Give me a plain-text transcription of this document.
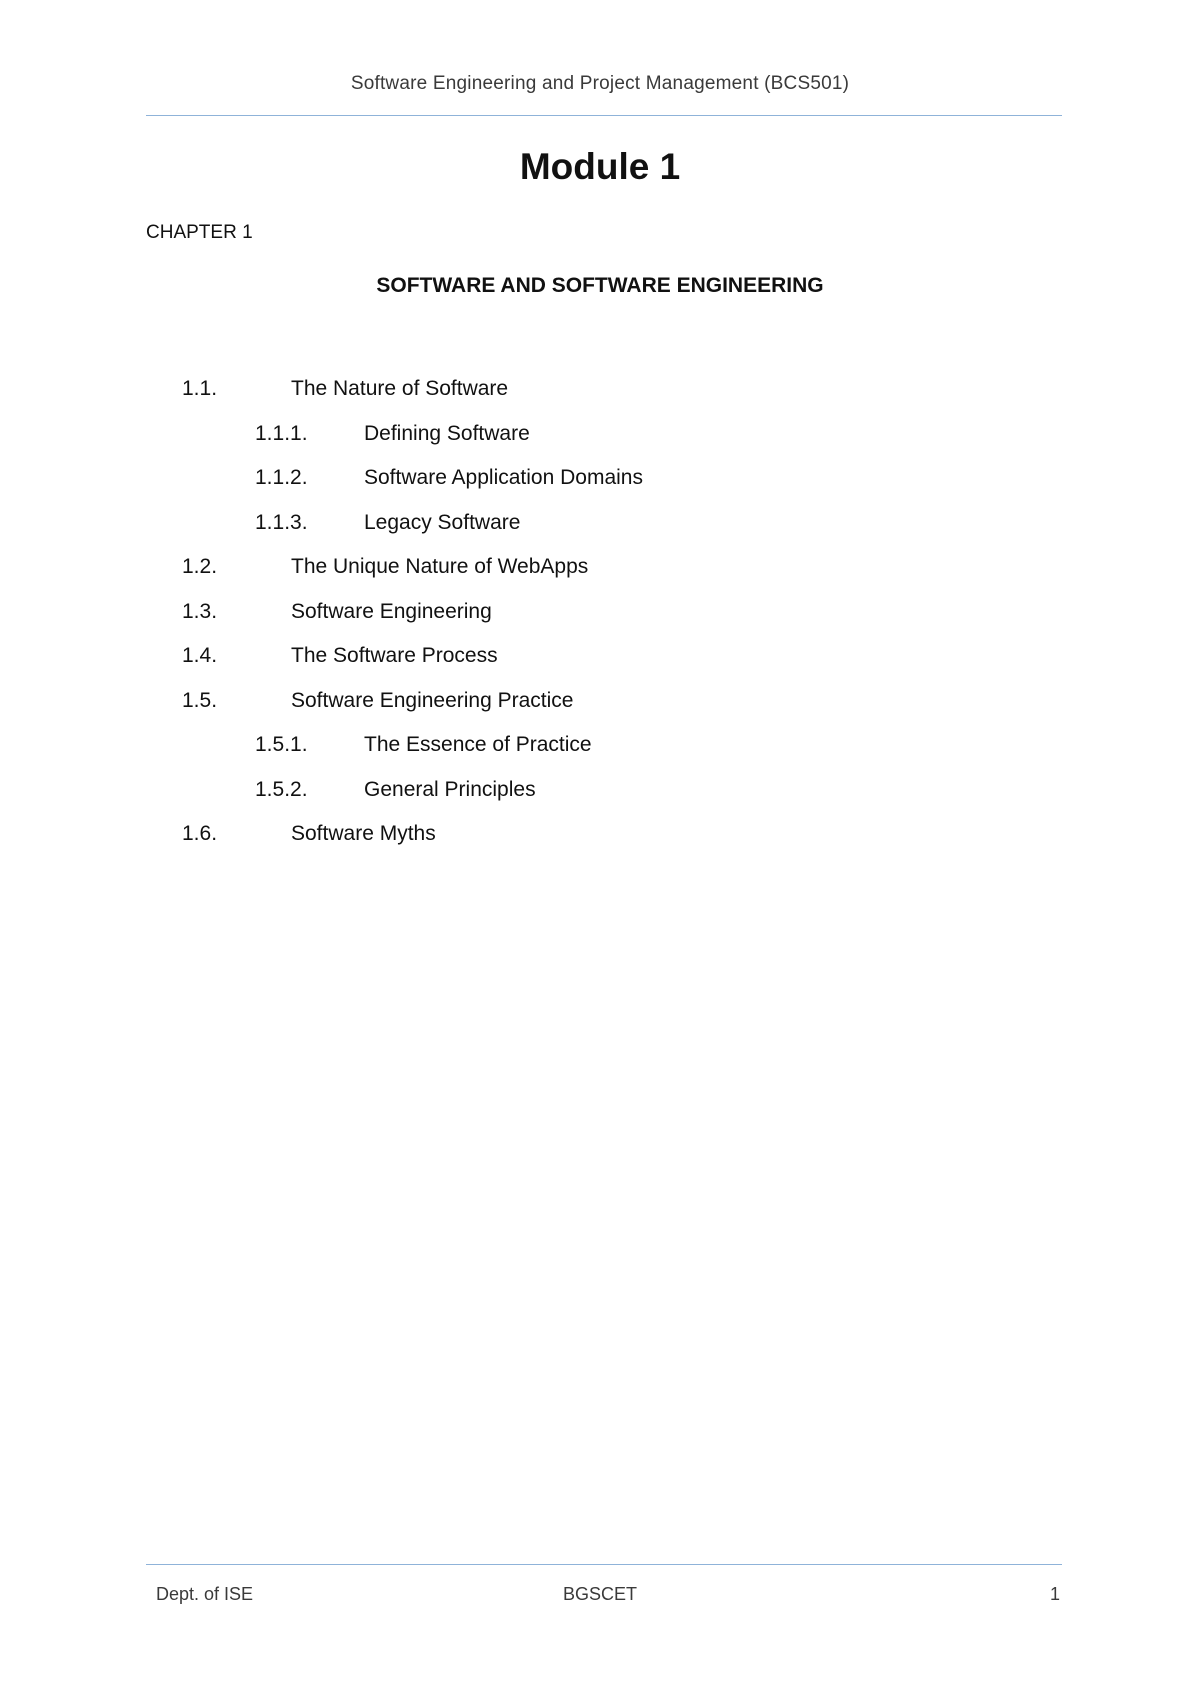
Software Engineering and Project Management (BCS501)
Module 1
CHAPTER 1
SOFTWARE AND SOFTWARE ENGINEERING
1.1.	The Nature of Software
1.1.1.	Defining Software
1.1.2.	Software Application Domains
1.1.3.	Legacy Software
1.2.	The Unique Nature of WebApps
1.3.	Software Engineering
1.4.	The Software Process
1.5.	Software Engineering Practice
1.5.1.	The Essence of Practice
1.5.2.	General Principles
1.6.	Software Myths
Dept. of ISE	BGSCET	1
